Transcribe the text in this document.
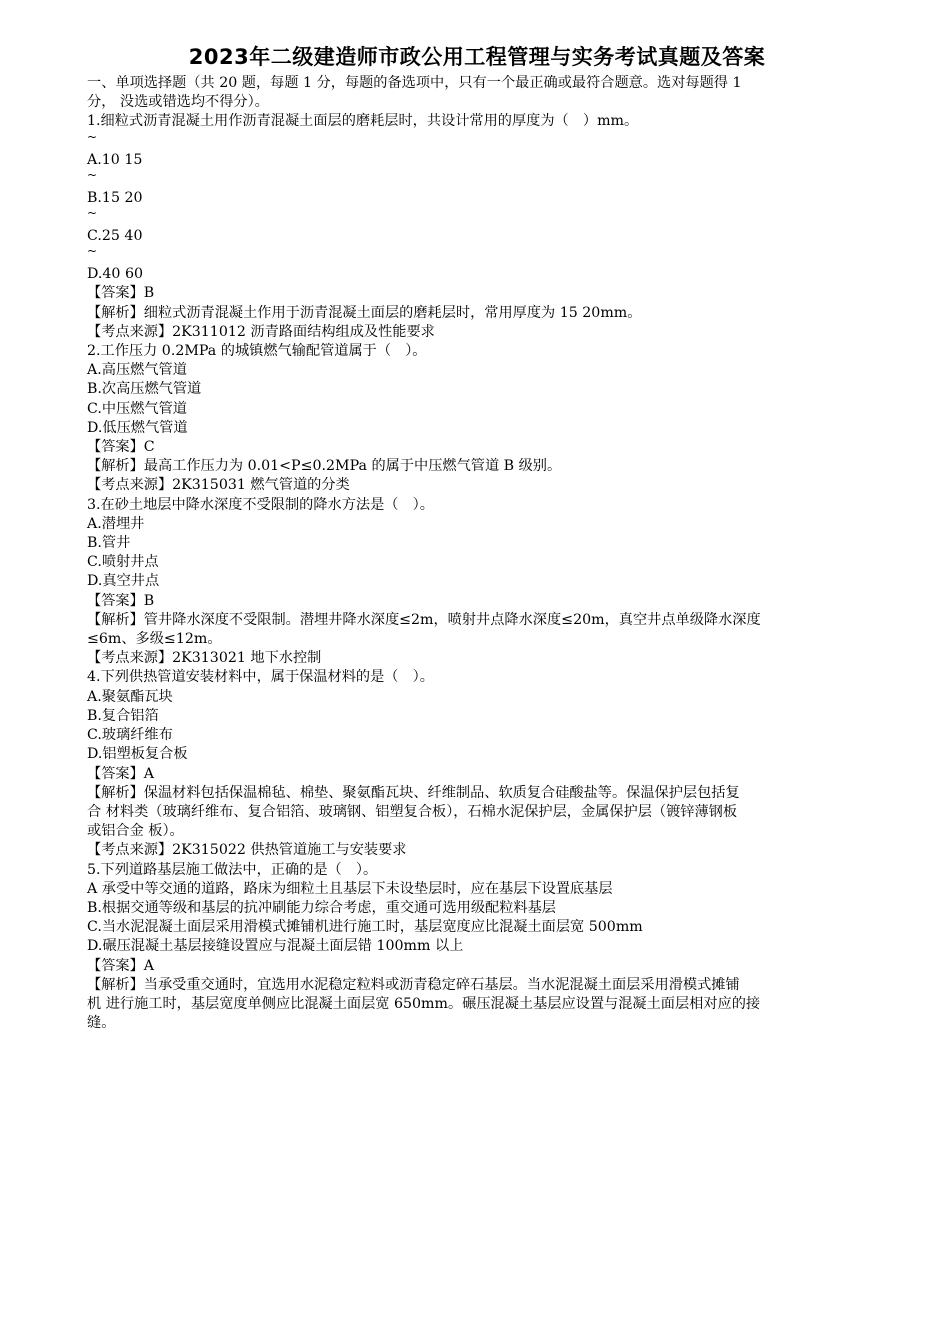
2023年二级建造师市政公用工程管理与实务考试真题及答案

一、单项选择题（共 20 题，每题 1 分，每题的备选项中，只有一个最正确或最符合题意。选对每题得 1

分， 没选或错选均不得分）。

1.细粒式沥青混凝土用作沥青混凝土面层的磨耗层时，共设计常用的厚度为（　）mm。

~

A.10 15

~

B.15 20

~

C.25 40

~

D.40 60

【答案】B

【解析】细粒式沥青混凝土作用于沥青混凝土面层的磨耗层时，常用厚度为 15 20mm。

【考点来源】2K311012 沥青路面结构组成及性能要求

2.工作压力 0.2MPa 的城镇燃气输配管道属于（　）。

A.高压燃气管道

B.次高压燃气管道

C.中压燃气管道

D.低压燃气管道

【答案】C

【解析】最高工作压力为 0.01<P≤0.2MPa 的属于中压燃气管道 B 级别。

【考点来源】2K315031 燃气管道的分类

3.在砂土地层中降水深度不受限制的降水方法是（　）。

A.潜埋井

B.管井

C.喷射井点

D.真空井点

【答案】B

【解析】管井降水深度不受限制。潜埋井降水深度≤2m，喷射井点降水深度≤20m，真空井点单级降水深度

≤6m、多级≤12m。

【考点来源】2K313021 地下水控制

4.下列供热管道安装材料中，属于保温材料的是（　）。

A.聚氨酯瓦块

B.复合铝箔

C.玻璃纤维布

D.铝塑板复合板

【答案】A

【解析】保温材料包括保温棉毡、棉垫、聚氨酯瓦块、纤维制品、软质复合硅酸盐等。保温保护层包括复

合 材料类（玻璃纤维布、复合铝箔、玻璃钢、铝塑复合板），石棉水泥保护层，金属保护层（镀锌薄钢板

或铝合金 板）。

【考点来源】2K315022 供热管道施工与安装要求

5.下列道路基层施工做法中，正确的是（　）。

A 承受中等交通的道路，路床为细粒土且基层下未设垫层时，应在基层下设置底基层

B.根据交通等级和基层的抗冲刷能力综合考虑，重交通可选用级配粒料基层

C.当水泥混凝土面层采用滑模式摊铺机进行施工时，基层宽度应比混凝土面层宽 500mm

D.碾压混凝土基层接缝设置应与混凝土面层错 100mm 以上

【答案】A

【解析】当承受重交通时，宜选用水泥稳定粒料或沥青稳定碎石基层。当水泥混凝土面层采用滑模式摊铺

机 进行施工时，基层宽度单侧应比混凝土面层宽 650mm。碾压混凝土基层应设置与混凝土面层相对应的接

缝。
